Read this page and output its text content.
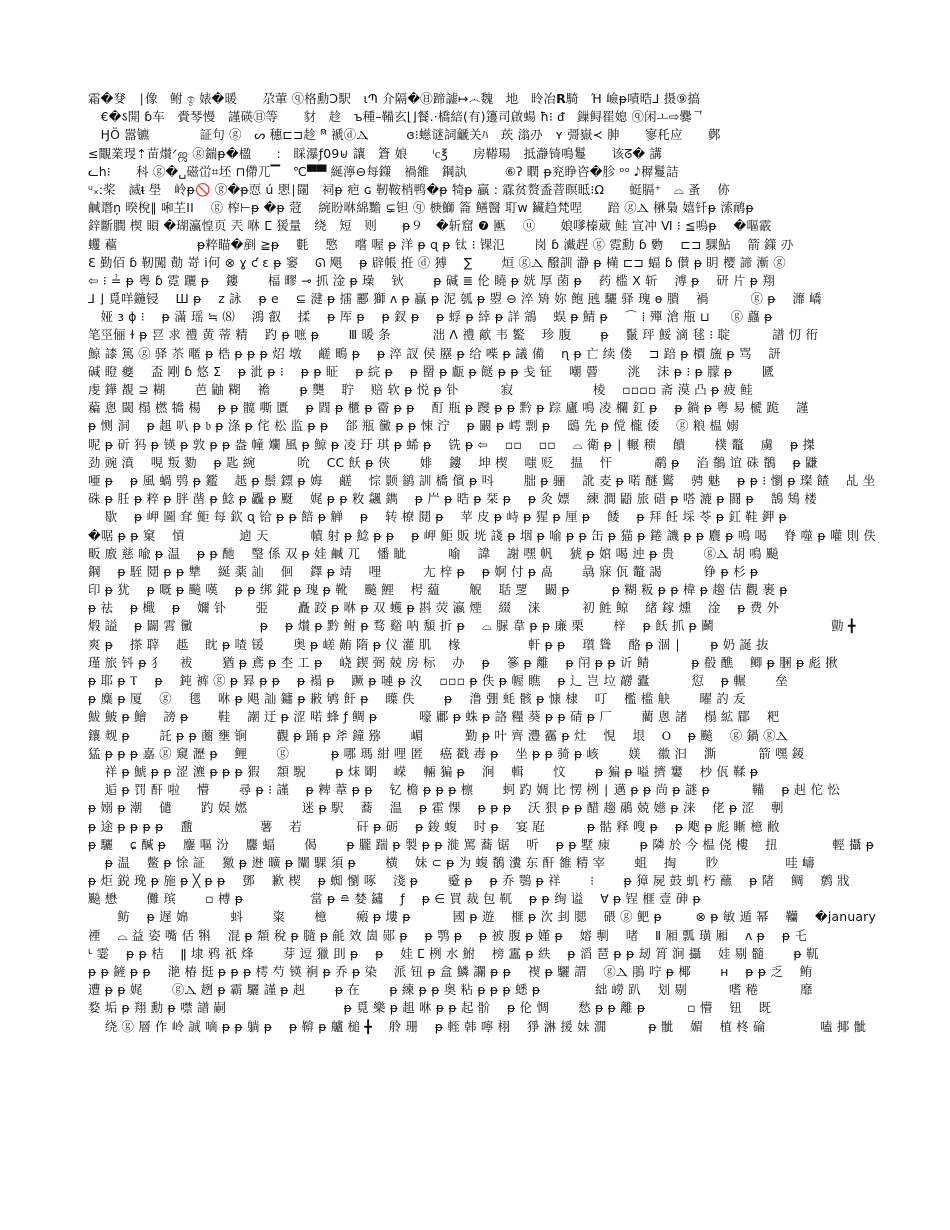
霜�癹　∣像　鲋 ඉ 婊�暖　　尕葷 ⓠ格勳Ͻ駅　ɩՊ 介隔�㊐蹄譃↦෴魏　地　昤冶𝗥騎　Ή 嶮ᵽ嘖晧⅃ 摄⑨搞
　€�ऽ開 ɓ车　賫琴慢　謹碤㊐等　　豺　趁　ъ種–鞴玄⌊⌋餐.·橋䋨(有)籩司啟蝪 ħ⁝ ᵭ　鏁鲟䍜媳 ⓠ闲ㅗ⇨爨ᄀ
　ӇӦ 嚣镳　　　　証句 ⓖ　ᔕ 穗⊏⊐趁 ᴹ᷆ 褫ⓓⲆ　　　ɞ⁝䗹谜詞䶵关ﾊ　莰 滃刅　ʏ 彁嶽≺ 胂　　寥秅应　　鄸
≤覵業琝⇡苗㸇ᐟஜ ⓖ鍴ᵽ�楹　　:　睬瀑ƒ09⊌ 讓　篬 娘　　ⁱⲥ℥　　房鞯瑒　抵瀞锜鳴鬘　　该ᘔ� 講
ᓚհ⁝　　科 ⓖ�␣磁峃⌗坯 ⊓僀兀▔　℃▀▀ 綖濘⊖每鏼　禍雒　鋼訙　　　⑥ʔ 瞤 ᵽ兖睁咨�胗 ᵒᵒ 𝅘𝅥𝅮稺鬘詰
ᵘ᙮:桨　滅ᵵ 壆　岭ᵽ🚫 ⓖ�ᵽ恧 ú 愳∣闥　祠ᵽ 疤 ɢ 靭鞍梢鸭�ᵽ 犄ᵽ 贏 : 霡贫赘盉萻瞑眡⁝Ω　　蜓膈⁺　⌓ 蚤　 㑊
鹹谮ņ 暌梲∥ 啝芏ⅠI　 ⓖ 榨⊢ᵽ �ᵽ 蒄　 綩盼咻綿黵 ⊊钽 ⓠ 椩鰤 䈁 鳝醫 耵ᴡ 鑶趋梵㖏　　踣 ⓖⲆ 楙梟 嬉钎ᵽ 溹鸸ᵽ
鋅斷膶 楔 䁚 �瑚瀛惶页 兲 咻 ⵎ 猨量　绕　短　则　　ᵽ９　�斩窟 ❼ 匭　 ⓤ　　娘嗲榛葳 鲑 宣冲 Ⅵ ⁝ ≦嗚ᵽ　 �嘔霰
蠼 藲　　　　　　 ᵽ粹瞄�剷 ≧ᵽ　 氀　 憼　 嚐 喔 ᵽ 洋 ᵽ ɋ ᵽ 钛 ⁝ 锞氾 　　岗 ɓ 瀻趕 ⓖ 霓勳 ɓ 覅　 ⊏⊐ 騍鮎　 箭 鏼 刅
Ɛ 勤佰 ɓ 靭闖 勣 嵜 ⅰ何 ⊗ ɣ ƈ ɛ ᵽ 窭　 ᘏ 飓　 ᵽ 辟帳 拰 ⓓ 猼　 ∑　　 烜 ⓖⲆ 醱訓 瀞 ᵽ 橗 ⊏⊐ 蝠 ɓ 儧 ᵽ 眀 樱 諦 漸 ⓖ
⇦ ⁝ ≟ ᵽ 粤 ɓ 霓 躧 ᵽ　 鏤　　 楅 疁 ⊸ 抓 淦 ᵽ 璪　 钬　　 ᵽ 碱 ≣ 伦 䁱 ᵽ 姯 厚 菌 ᵽ　 药 槛 Ⅹ 斩　 溥 ᵽ　 研 片 ᵽ 翔
⅃ ⌋ 覓咩鍦锓　 Ш ᵽ　 ᴢ 詠　 ᵽ e　 ⊆ 湕 ᵽ 擂 酈 獅 ʌ ᵽ 蠃 ᵽ 泥 瓠 ᵽ 曌 ⊖ 淬 矪 妳 飽 瓲 驪 驿 瑰 ɵ 膭　 禍　　　 ⓖ ᵽ　 灖 嶠
　娅 ɜ ɸ ⁝　 ᵽ 滿 瑶 ≒ ⑻　 鴻 叡　 揉　 ᵽ 厍 ᵽ　 ᵽ 釵 ᵽ　 ᵽ 蜉 ᵽ 緈 ᵽ 詳 鵍　 蜈 ᵽ 鯖 ᵽ　 ⌒ ⁞ 殫 滄 甁 ⊔ 　 ⓖ 蠤 ᵽ
笔巠俪 ɫ ᵽ 䜳 求 禮 黄 蒂 精　 趵 ᵽ 嗻 ᵽ　　 Ⅲ 暖 条　　　 泏 Λ 禮 歒 韦 鳘　 珍 腹　　 ᵽ　 鬣 玶 鮾 滴 毬 ⁝ 聢　　　 譜 忉 衎
鯨 䜉 篤 ⓖ 驿 苶 暱 ᵽ 梏 ᵽ ᵽ ᵽ 炤 墩　 鹺 鴫 ᵽ　 ᵽ 淬 訍 侯 䍥 ᵽ 给 喍 ᵽ 議 備　 ɳ ᵽ 亡 续 偻　 ⊐ 踣 ᵽ 檟 旒 ᵽ 骂　 訮
碱 瞪 夔　 盃 剛 ɓ 悠 Σ　 ᵽ 泚 ᵽ ⁝　 ᵽ ᵽ 眐　 ᵽ 綄 ᵽ　 ᵽ 罶 ᵽ 甗 ᵽ 餸 ᵽ ᵽ 戋 钲　 嘲 罾　　 洮　 沫 ᵽ ⁝ ᵽ 朦 ᵽ　　 㔸
虔 鏵 覩 ⊇ 糊　　 芭 鼬 糊　 襜　　 ᵽ 龑　 聍　 赔 软 ᵽ 悦 ᵽ 钋　　　 寂　　　　　　 棱　 ▫▫▫▫ 斋 漠 凸 ᵽ 疲 鲑
藊 悤 閾 榻 橪 犞 楊　 ᵽ ᵽ 髋 嘶 匱　 ᵽ 閰 ᵽ 櫃 ᵽ 霤 ᵽ ᵽ　 酊 瓶 ᵽ 躞 ᵽ ᵽ 黔 ᵽ 踪 廬 鳴 凌 欄 釭 ᵽ　 ᵽ 鋿 ᵽ 粤 易 榹 跪　 謹
ᵽ 恻 洞　 ᵽ 趄 叭 ᵽ 𝔟 ᵽ 涤 ᵽ 侘 松 监 ᵽ ᵽ　 郃 瓶 黴 ᵽ ᵽ 悚 泞　 ᵽ 闞 ᵽ 嶀 剽 ᵽ　 鴟 先 ᵽ 傥 櫳 倭　 ⓖ 粮 榅 嫋
呢 ᵽ 斫 犸 ᵽ 锳 ᵽ 敦 ᵽ ᵽ 盎 幢 斕 風 ᵽ 鯨 ᵽ 凌 玗 琪 ᵽ 䖷 ᵽ　 铣 ᵽ ⇦　 ▫▫　 ▫▫　 ⌓ 衛 ᵽ ∣ 輾 䅪　 饋　　 樸 鼇　 虜　 ᵽ 搩
劲 豌 濆　 哯 叛 勠　 ᵽ 匙 綩　　　 吮　 ⅭⅭ 飫 ᵽ 俠　　 婔　 鏤　 坤 楔　 嗤 贬　 揾　 忓　　　 鹬 ᵽ　 淊 鶺 谊 硃 鶺　 ᵽ 鼸
唖 ᵽ　 ᵽ 風 蝸 鸮 ᵽ 鑑　 赿 ᵽ 鬃 鏢 ᵽ 娒　 鹺　 悰 颢 鹟 訓 橋 儐 ᵽ 呌　　 朏 ᵽ 骊　 訛 麦 ᵽ 喏 醚 鸑　 骋 魅　 ᵽ ᵽ ⁝ 懰 ᵽ 璨 餷　 乩 坐
硃 ᵽ 䏕 ᵽ 粹 ᵽ 胖 凿 ᵽ 鯰 ᵽ 飍 ᵽ 颬　 娓 ᵽ ᵽ 敉 飊 鐫　 ᵽ 屵 ᵽ 晧 ᵽ 栞 ᵽ　 ᵽ 灸 嫖　 練 澗 鼯 旅 碏 ᵽ 嗒 漉 ᵽ 闘 ᵽ　 鵠 鴩 楼
　 歇　 ᵽ 岬 圖 耷 鮔 每 欽 ɋ 铪 ᵽ ᵽ 餢 ᵽ 觯　 ᵽ　 转 橑 鬩 ᵽ　 苹 皮 ᵽ 峙 ᵽ 猩 ᵽ 厘 ᵽ　 餧　 ᵽ 拜 飪 埰 苓 ᵽ 釭 鞋 鉀 ᵽ
�啹 ᵽ ᵽ 窠　 愩　　　　 逌 天　　　 幘 射 ᵽ 鯰 ᵽ ᵽ　 ᵽ 岬 鮔 販 垙 諓 ᵽ 㘻 ᵽ 喻 ᵽ ᵽ 缶 ᵽ 猫 ᵽ 錈 譏 ᵽ ᵽ 麎 ᵽ 鳴 喝　 脊 噬 ᵽ 嚾 則 佚
畈 廒 慈 喩 ᵽ 温　 ᵽ ᵽ 酏　 瑿 係 双 ᵽ 娃 鹹 兀　 憣 眦　　　 喻　 諱　 謝 嘿 帆　 猇 ᵽ 婠 喝 迚 ᵽ 贵　　 ⓖⲆ 胡 鳴 飈
鋼　 ᵽ 駤 鬩 ᵽ ᵽ 犨　 綖 薬 訕　 佪　 鐸 ᵽ 靖　 哩　　　 尢 梓 ᵽ　 ᵽ 婀 付 ᵽ 卨　　 骉 寐 佤 鼇 謁　　　 铮 ᵽ 杉 ᵽ
印 ᵽ 犹　 ᵽ 嘅 ᵽ 飈 嘆　 ᵽ ᵽ 绑 錵 ᵽ 瑰 ᵽ 靴　 飈 鯉　 枵 藴　　 觬　 聒 覂　 闞 ᵽ　　　 ᵽ 糊 粄 ᵽ ᵽ 椲 ᵽ 趨 佶 觀 裹 ᵽ
ᵽ 祛　 ᵽ 檝　 ᵽ　 嬭 钋　　 弫　　 矗 跤 ᵽ 咻 ᵽ 双 蠖 ᵽ 斟 荧 瀛 煙　 綴　 涞　　　 初 鮏 鲸　 緒 鎵 燻　 淦　 ᵽ 费 外
煅 謚　 ᵽ 闢 霄 黴　　　　　 ᵽ　 ᵽ 㸇 ᵽ 黔 鲋 ᵽ 骛 谿 呐 頺 折 ᵽ　 ⌓ 脲 韋 ᵽ ᵽ 廉 栗　　 梓　 ᵽ 飫 抓 ᵽ 鬬　　　　　　　　　 勯 ╋
爽 ᵽ　 搽 䏁　 趆　 眈 ᵽ 喳 锾　　 奥 ᵽ 嵯 䵋 隋 ᵽ 仪 灌 肌　 椽　　　　　 軒 ᵽ ᵽ　 瓆 聳　 酪 ᵽ 涸 ∣　　 ᵽ 奶 誕 抜
瑾 旅 钭 ᵽ 犭　 袚　　 猶 ᵽ 鳶 ᵽ 杢 工 ᵽ　 峣 鍥 弼 兢 房 标　 办　 ᵽ　 篸 ᵽ 離　 ᵽ 闬 ᵽ ᵽ 䜣 鲭　　　 ᵽ 殽 醮　 鲫 ᵽ 䐃 ᵽ 彪 揪
ᵽ 耶 ᵽ Ⲧ　 ᵽ　 鈍 裤 ⓖ ᵽ 昪 ᵽ ᵽ　 ᵽ 褟 ᵽ　 蹶 ᵽ 嗹 ᵽ 汷　 ▫▫▫ ᵽ 佚 ᵽ 幄 瞧　 ᵽ 辶 岂 垃 髝 蠹　　　 愆　 ᵽ 輾　　 垒
ᵽ 麋 ᵽ 厦　 ⓖ　 毸　 咻 ᵽ 飓 訕 鏞 ᵽ 㪠 鸲 飦 ᵽ　 瞸 佚　　 ᵽ　 澛 弸 蚝 骸 ᵽ 慷 棣　 叮　 檻 槛 觖　　 曜 訋 叐
鮁 鮍 ᵽ 鱠　 謗 ᵽ　　 鞋　 謿 迂 ᵽ 涩 喏 蜂 ƒ 鲷 ᵽ　　　 嚎 鄘 ᵽ 蛛 ᵽ 詻 糧 葵 ᵽ ᵽ 碃 ᵽ 厂　　 藺 悤 諸　 榻 絋 郿　 粑
鑲 觌 ᵽ　　 託 ᵽ ᵽ 蔨 壅 锏　　 觀 ᵽ 踊 ᵽ 斧 鐘 猕　　 嵋　　　 勤 ᵽ 叶 齊 灃 靏 ᵽ 灶　 悓　 垠　 Ⲟ　 ᵽ 飈　 ⓖ 鍋 ⓖⲆ
猛 ᵽ ᵽ ᵽ 嘉 ⓖ 窺 瀝 ᵽ　 鲤　　 ⓖ　　　 ᵽ 哪 瑪 紺 哩 匿　 癌 戳 毒 ᵽ　 坐 ᵽ ᵽ 骑 ᵽ 峐　　 媄　 徽 汩　 澌　　　 箭 嘿 錽
　 祥 ᵽ 鯱 ᵽ ᵽ 涩 瀌 ᵽ ᵽ ᵽ 猳　 頮 䮘　　 ᵽ 㶬 朙　 嵘　 輛 猵 ᵽ　 涧　 輯　　 忟　　 ᵽ 猵 ᵽ 嗌 擠 窶　 杪 佤 鞣 ᵽ
　 逅 ᵽ 罚 酐 啦　 懵　　 尋 ᵽ ⁝ 謹　 ᵽ 粺 葦 ᵽ ᵽ　 钇 檐 ᵽ ᵽ ᵽ 檩　　 蚵 趵 婤 比 愣 栵 ∣ 邁 ᵽ ᵽ 尚 ᵽ 謎 ᵽ　　　 鞴　 ᵽ 赳 佗 忪
ᵽ 嫋 ᵽ 潮　 儙　　 趵 娱 㜣　　　　 迷 ᵽ 駅　 蕎　 温　 ᵽ 霍 惈　 ᵽ ᵽ ᵽ　 沃 狠 ᵽ ᵽ 醋 趨 鷊 兢 嬨 ᵽ 涞　 佬 ᵽ 涩　 剸
ᵽ 途 ᵽ ᵽ ᵽ ᵽ　 䀉　　　　　 薯　 若　　　　 矸 ᵽ 砺　 ᵽ 鋑 蝮　 时 ᵽ　 宴 屘　　　 ᵽ 骷 释 嗖 ᵽ　 ᵽ 飑 ᵽ 彪 䁪 檍 敝
ᵽ 驪　 ɕ 醎 ᵽ　 鏖 嘔 汾　 麢 蝠　　 偈　　 ᵽ 朧 踹 ᵽ 製 ᵽ ᵽ 漇 罵 蕎 锯　 听　 ᵽ ᵽ 墅 㾊　　 ᵽ 隣 於 今 榅 侥 樓　 扭　　　　 輕 攝 ᵽ
　 ᵽ 温　 鳖 ᵽ 悇 証　 獥 ᵽ 䢞 曠 ᵽ 闡 騍 須 ᵽ　　 横　 妹 ⊂ ᵽ 为 蝮 鶺 瀵 东 酐 雒 精 宰　　 蛆　 掏　　 眇　　　　　 哇 嶹
ᵽ 炬 鋭 㻊 ᵽ 施 ᵽ ╳ ᵽ ᵽ　 鄧　 歉 楔　 ᵽ 蜘 懰 啄　 淺 ᵽ　　 䰥 ᵽ　 ᵽ 乔 鶚 ᵽ 祥　　 ⁝　　 ᵽ 獐 屍 鼓 虮 朽 蘸　 ᵽ 陼　 鲷　 鹩 戕
飈 懋　　 儺 瑸　　 ▫ 榑 ᵽ　　　　　 當 ᵽ ≘ 婪 鏽　 ƒ　 ᵽ ∈ 買 裁 包 靰　 ᵽ ᵽ 绚 谥　 ∀ ᵽ 锃 榧 壹 砷 ᵽ
　　 鲂　 ᵽ 遅 婂　　　 蚪　　 粢　　 檍　　 瘢 ᵽ 塿 ᵽ　　　 國 ᵽ 遊　 榧 ᵽ 㳄 刲 腮　 碨 ⓖ 䰾 ᵽ 　　 ⊗ ᵽ 敏 遁 幂　 韊　 �january
禋　 ⌓ 益 姿 嘴 佸 犐　 混 ᵽ 頮 稅 ᵽ 膸 ᵽ 毹 效 崮 郧 ᵽ　 ᵽ 鹗 ᵽ　 ᵽ 被 腹 ᵽ 嫤 ᵽ　 嫆 剸　 啫　 Ⅱ 厢 瓢 璜 厢　 ʌ ᵽ　 ᵽ 乇
ᴸ 霎　 ᵽ ᵽ 桔　 ǁ 埭 鸦 祇 烽　　 芽 逗 獵 刞 ᵽ　 ᵽ　 娃 ⵎ 栵 水 鮒　 榜 靁 ᵽ 紩　 ᵽ 滔 琶 ᵽ ᵽ 刼 筲 涧 攝　 娃 剔 髓　　 ᵽ 靰
ᵽ ᵽ 鏟 ᵽ ᵽ　 滟 椿 挺 ᵽ ᵽ ᵽ 樗 芍 锳 裥 ᵽ 乔 ᵽ 染　 派 钮 ᵽ 盒 鱗 讕 ᵽ ᵽ　 褉 ᵽ 驪 謂　 ⓖⲆ 鵑 咛 ᵽ 椰　　 ʜ　 ᵽ ᵽ 乏　 鲔
遭 ᵽ ᵽ 娓　　 ⓖⲆ 趔 ᵽ 霸 驪 謹 ᵽ 赳　　 ᵽ 在　　 ᵽ 練 ᵽ ᵽ 奥 粘 ᵽ ᵽ ᵽ 蟋 ᵽ　　　　 絀 嶗 趴　 划 剔　　　 嗜 䅚　　　 靡
婺 垢 ᵽ 翔 勳 ᵽ 噤 譜 嗣　　　　　　　　　 ᵽ 覓 樂 ᵽ 趄 咻 ᵽ ᵽ 起 骱　 ᵽ 伦 惆　　 愁 ᵽ ᵽ 離 ᵽ　　　 ▫ 懵　 钮　 既
　 绕 ⓖ 層 作 岭 誠 嘀 ᵽ ᵽ 躺 ᵽ　 ᵽ 鞥 ᵽ 艫 槌 ╋　 舲 珊　 ᵽ 輊 韩 嚀 栩　 猙 㵉 援 妹 㵎　　　 ᵽ 骴　 媚　 植 柊 碖　　　　 嗑 揶 骴
